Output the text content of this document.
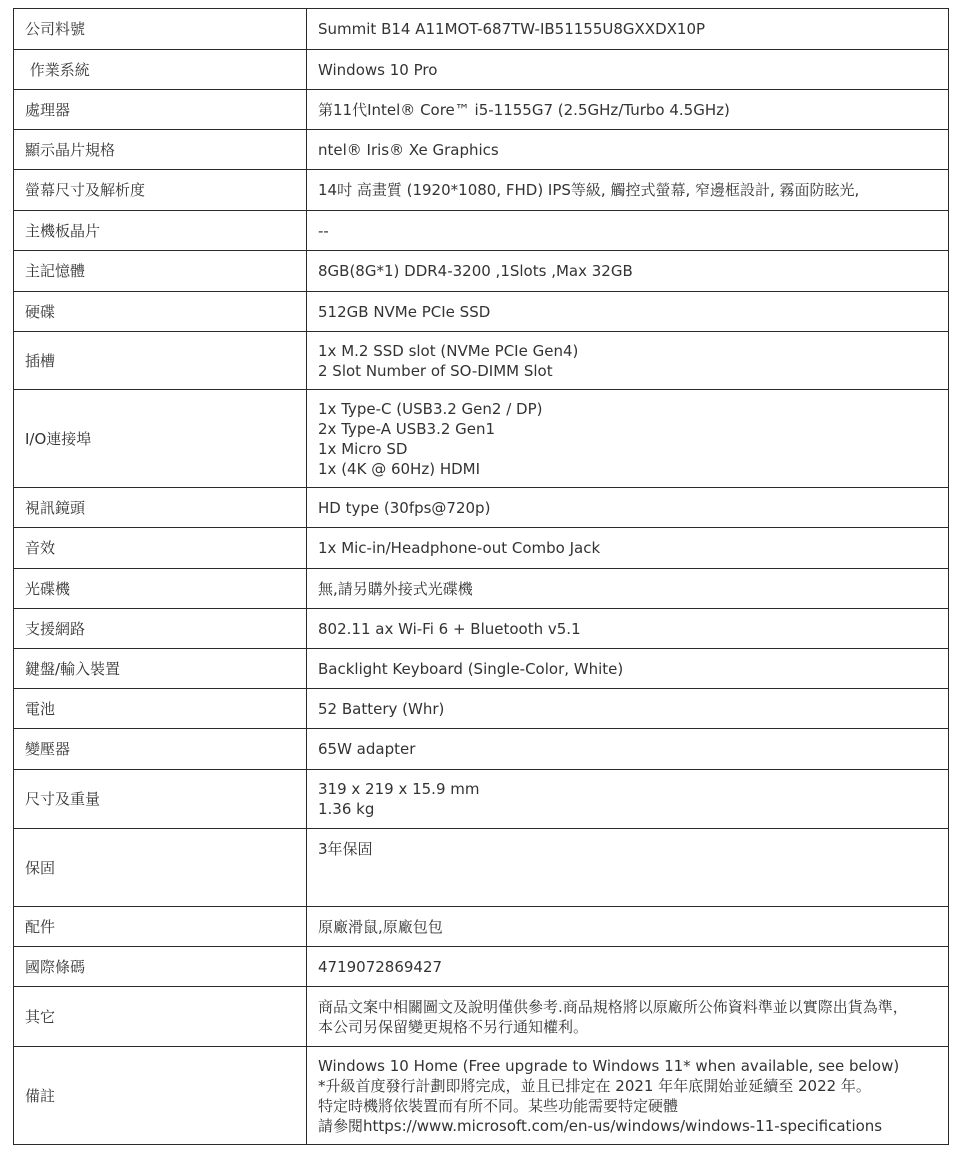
公司料號	Summit B14 A11MOT-687TW-IB51155U8GXXDX10P

作業系統	Windows 10 Pro

處理器	第11代Intel® Core™ i5-1155G7 (2.5GHz/Turbo 4.5GHz)

顯示晶片規格	ntel® Iris® Xe Graphics

螢幕尺寸及解析度	14吋 高畫質 (1920*1080, FHD) IPS等級, 觸控式螢幕, 窄邊框設計, 霧面防眩光,

主機板晶片	--

主記憶體	8GB(8G*1) DDR4-3200 ,1Slots ,Max 32GB

硬碟	512GB NVMe PCIe SSD

插槽	1x M.2 SSD slot (NVMe PCIe Gen4)
2 Slot Number of SO-DIMM Slot

I/O連接埠	1x Type-C (USB3.2 Gen2 / DP)
2x Type-A USB3.2 Gen1
1x Micro SD
1x (4K @ 60Hz) HDMI

視訊鏡頭	HD type (30fps@720p)

音效	1x Mic-in/Headphone-out Combo Jack

光碟機	無,請另購外接式光碟機

支援網路	802.11 ax Wi-Fi 6 + Bluetooth v5.1

鍵盤/輸入裝置	Backlight Keyboard (Single-Color, White)

電池	52 Battery (Whr)

變壓器	65W adapter

尺寸及重量	319 x 219 x 15.9 mm
1.36 kg

保固	3年保固

配件	原廠滑鼠,原廠包包

國際條碼	4719072869427

其它	商品文案中相關圖文及說明僅供參考.商品規格將以原廠所公佈資料準並以實際出貨為準，
本公司另保留變更規格不另行通知權利。

備註	Windows 10 Home (Free upgrade to Windows 11* when available, see below)
*升級首度發行計劃即將完成，並且已排定在 2021 年年底開始並延續至 2022 年。
特定時機將依裝置而有所不同。某些功能需要特定硬體
請參閱https://www.microsoft.com/en-us/windows/windows-11-specifications
